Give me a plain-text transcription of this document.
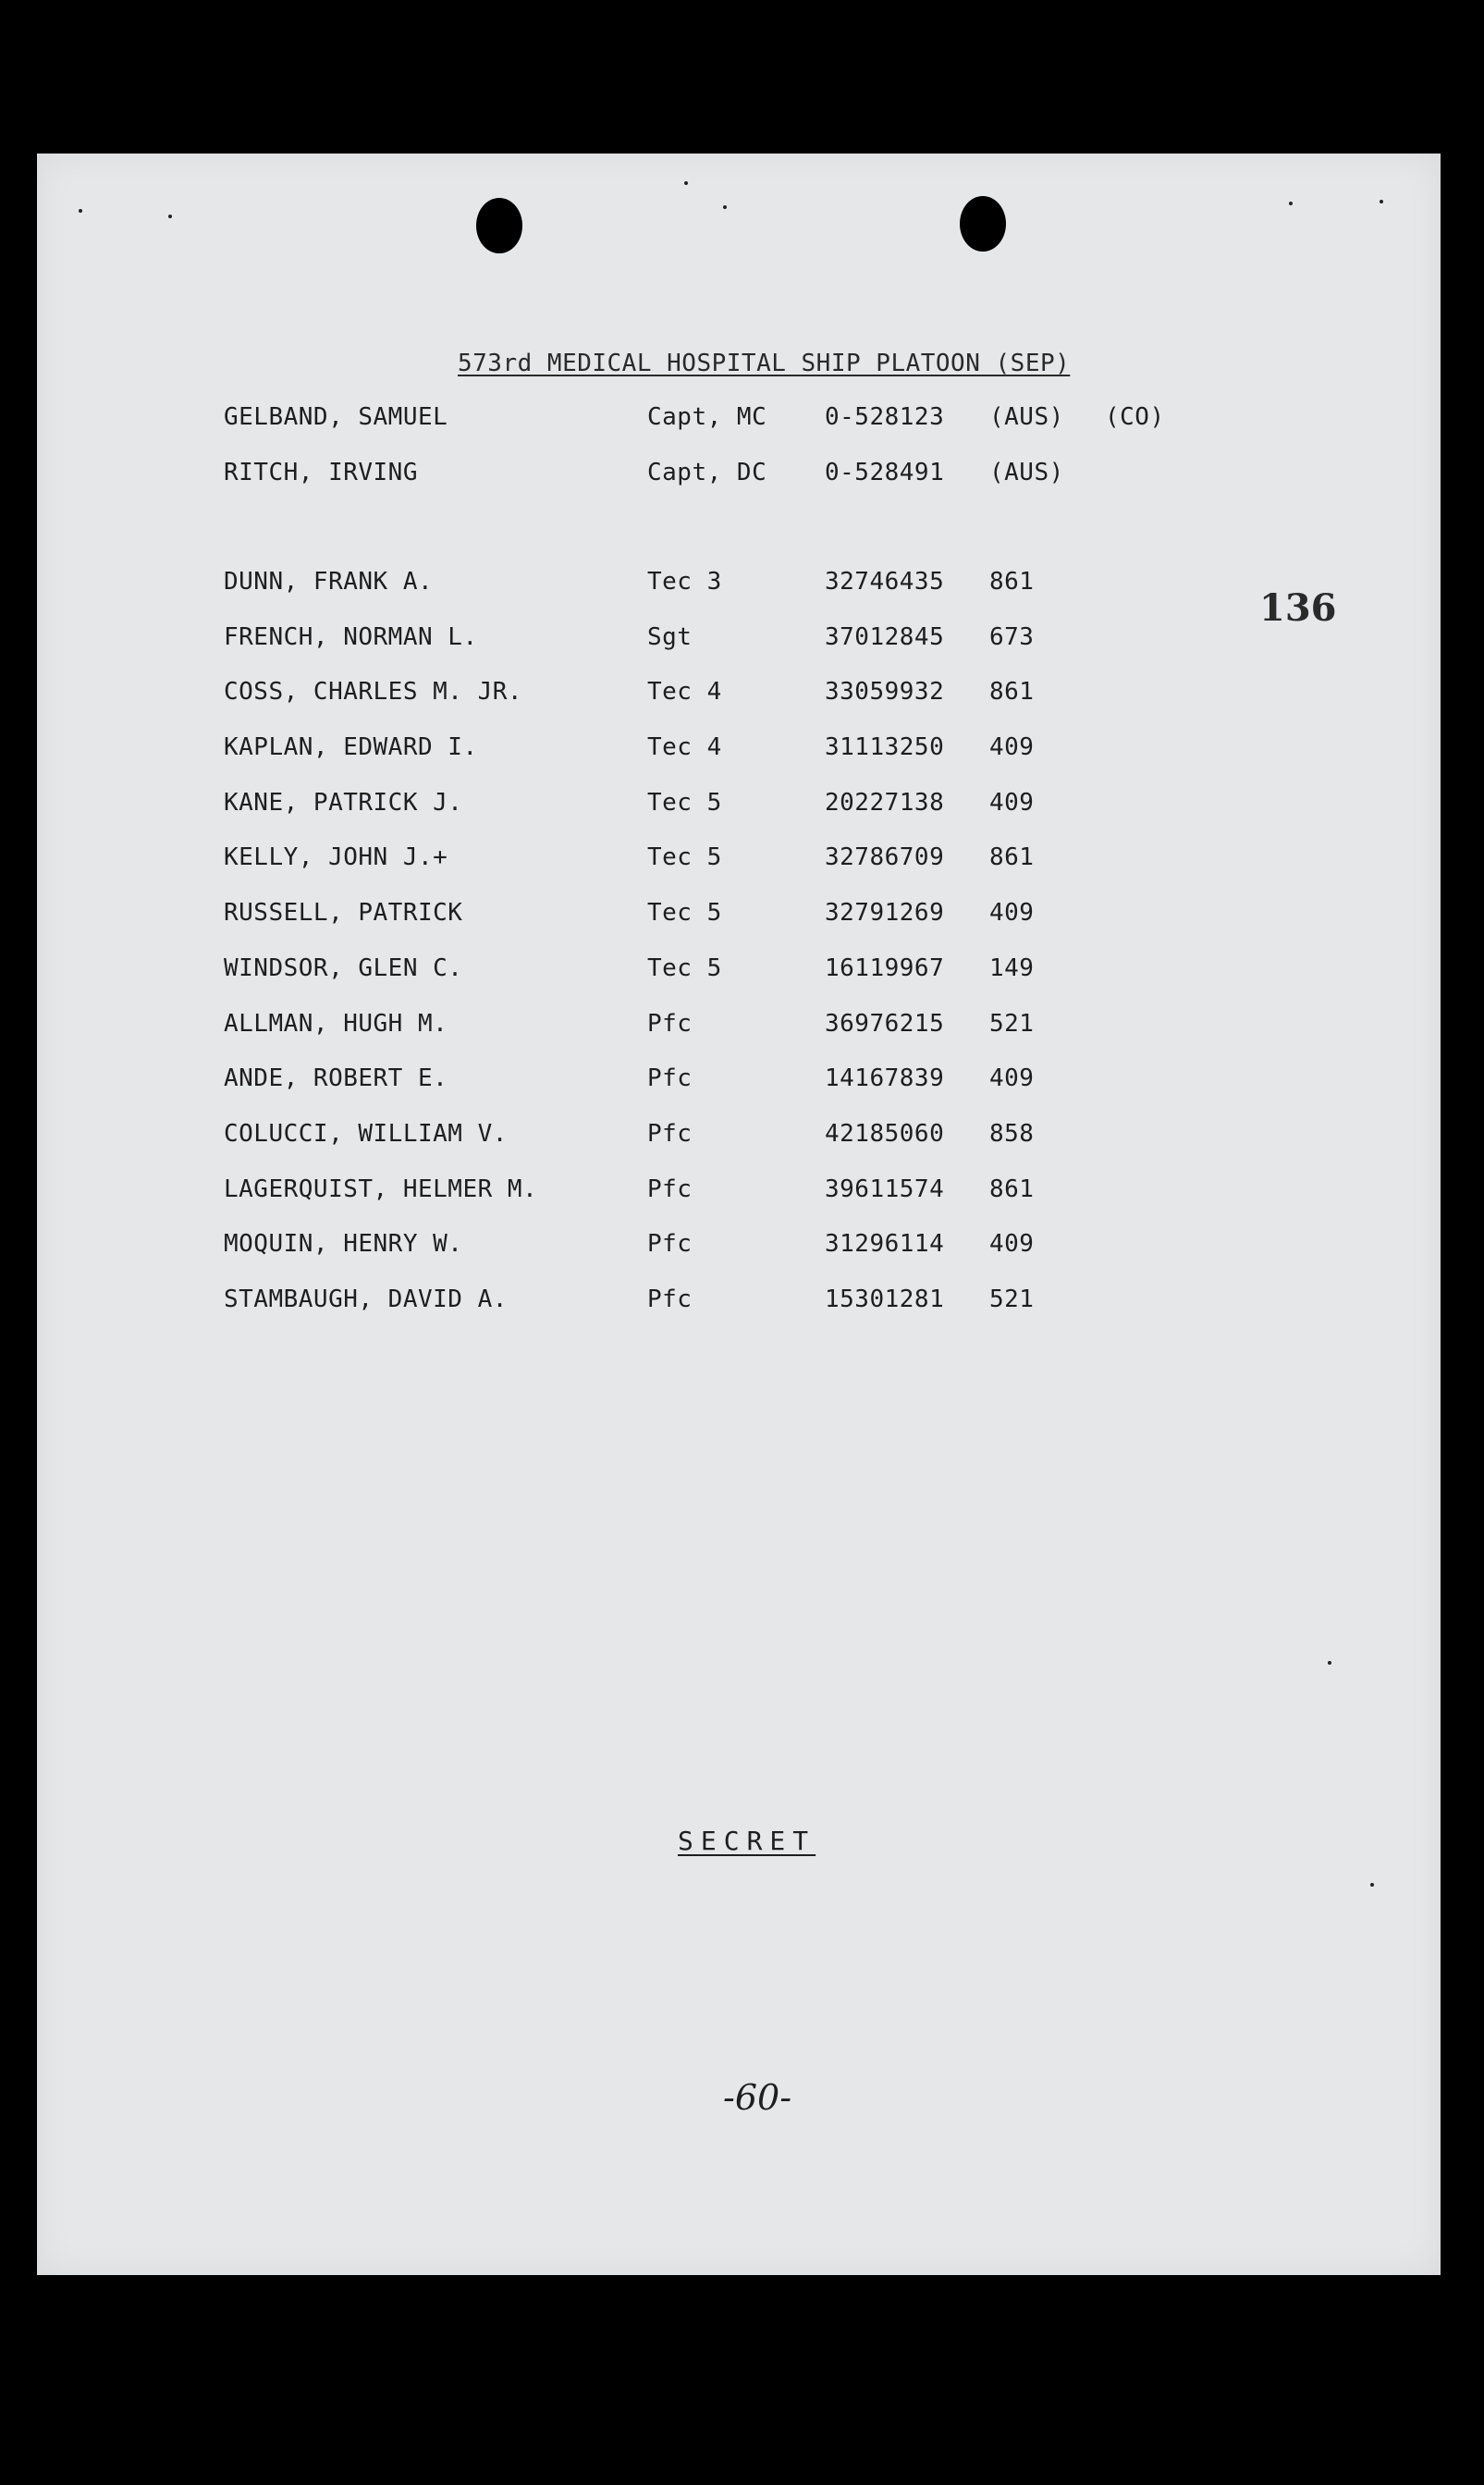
573rd MEDICAL HOSPITAL SHIP PLATOON (SEP)
GELBAND, SAMUEL	Capt, MC 0-528123 (AUS) (CO)
RITCH, IRVING	Capt, DC 0-528491 (AUS)
DUNN, FRANK A.	Tec 3	32746435 861
FRENCH, NORMAN L.	Sgt	37012845 673
COSS, CHARLES M. JR.	Tec 4	33059932 861
KAPLAN, EDWARD I.	Tec 4	31113250 409
KANE, PATRICK J.	Tec 5	20227138 409
KELLY, JOHN J.+	Tec 5	32786709 861
RUSSELL, PATRICK	Tec 5	32791269 409
WINDSOR, GLEN C.	Tec 5	16119967 149
ALLMAN, HUGH M.	Pfc	36976215 521
ANDE, ROBERT E.	Pfc	14167839 409
COLUCCI, WILLIAM V.	Pfc	42185060 858
LAGERQUIST, HELMER M.	Pfc	39611574 861
MOQUIN, HENRY W.	Pfc	31296114 409
STAMBAUGH, DAVID A.	Pfc	15301281 521
136
SECRET
-60-
